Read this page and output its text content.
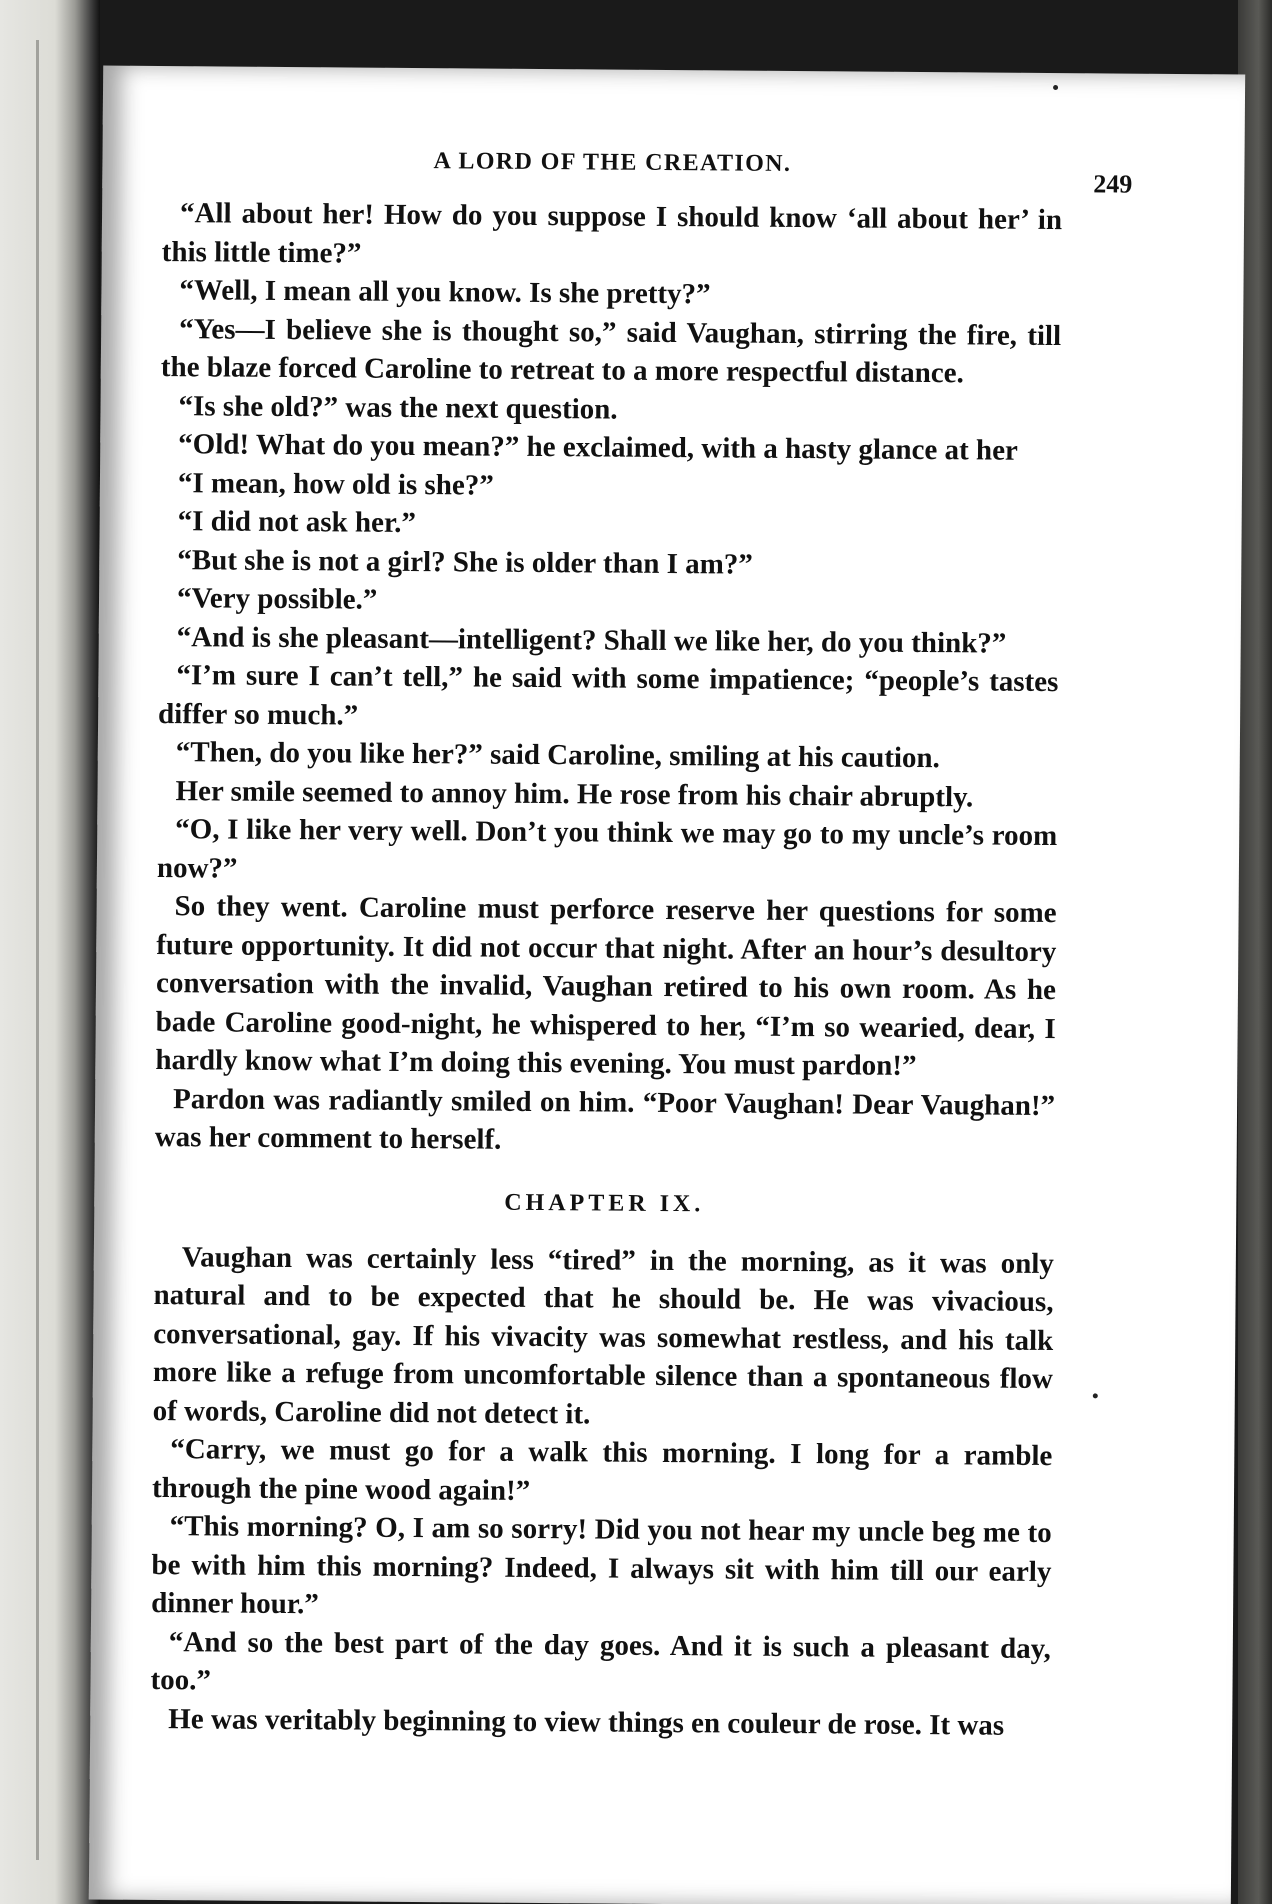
A LORD OF THE CREATION.
249

“All about her! How do you suppose I should know ‘all about her’ in this little time?”

“Well, I mean all you know. Is she pretty?”

“Yes—I believe she is thought so,” said Vaughan, stirring the fire, till the blaze forced Caroline to retreat to a more respectful distance.

“Is she old?” was the next question.

“Old! What do you mean?” he exclaimed, with a hasty glance at her

“I mean, how old is she?”

“I did not ask her.”

“But she is not a girl? She is older than I am?”

“Very possible.”

“And is she pleasant—intelligent? Shall we like her, do you think?”

“I’m sure I can’t tell,” he said with some impatience; “people’s tastes differ so much.”

“Then, do you like her?” said Caroline, smiling at his caution.

Her smile seemed to annoy him. He rose from his chair abruptly.

“O, I like her very well. Don’t you think we may go to my uncle’s room now?”

So they went. Caroline must perforce reserve her questions for some future opportunity. It did not occur that night. After an hour’s desultory conversation with the invalid, Vaughan retired to his own room. As he bade Caroline good-night, he whispered to her, “I’m so wearied, dear, I hardly know what I’m doing this evening. You must pardon!”

Pardon was radiantly smiled on him. “Poor Vaughan! Dear Vaughan!” was her comment to herself.

CHAPTER IX.

Vaughan was certainly less “tired” in the morning, as it was only natural and to be expected that he should be. He was vivacious, conversational, gay. If his vivacity was somewhat restless, and his talk more like a refuge from uncomfortable silence than a spontaneous flow of words, Caroline did not detect it.

“Carry, we must go for a walk this morning. I long for a ramble through the pine wood again!”

“This morning? O, I am so sorry! Did you not hear my uncle beg me to be with him this morning? Indeed, I always sit with him till our early dinner hour.”

“And so the best part of the day goes. And it is such a pleasant day, too.”

He was veritably beginning to view things en couleur de rose. It was
